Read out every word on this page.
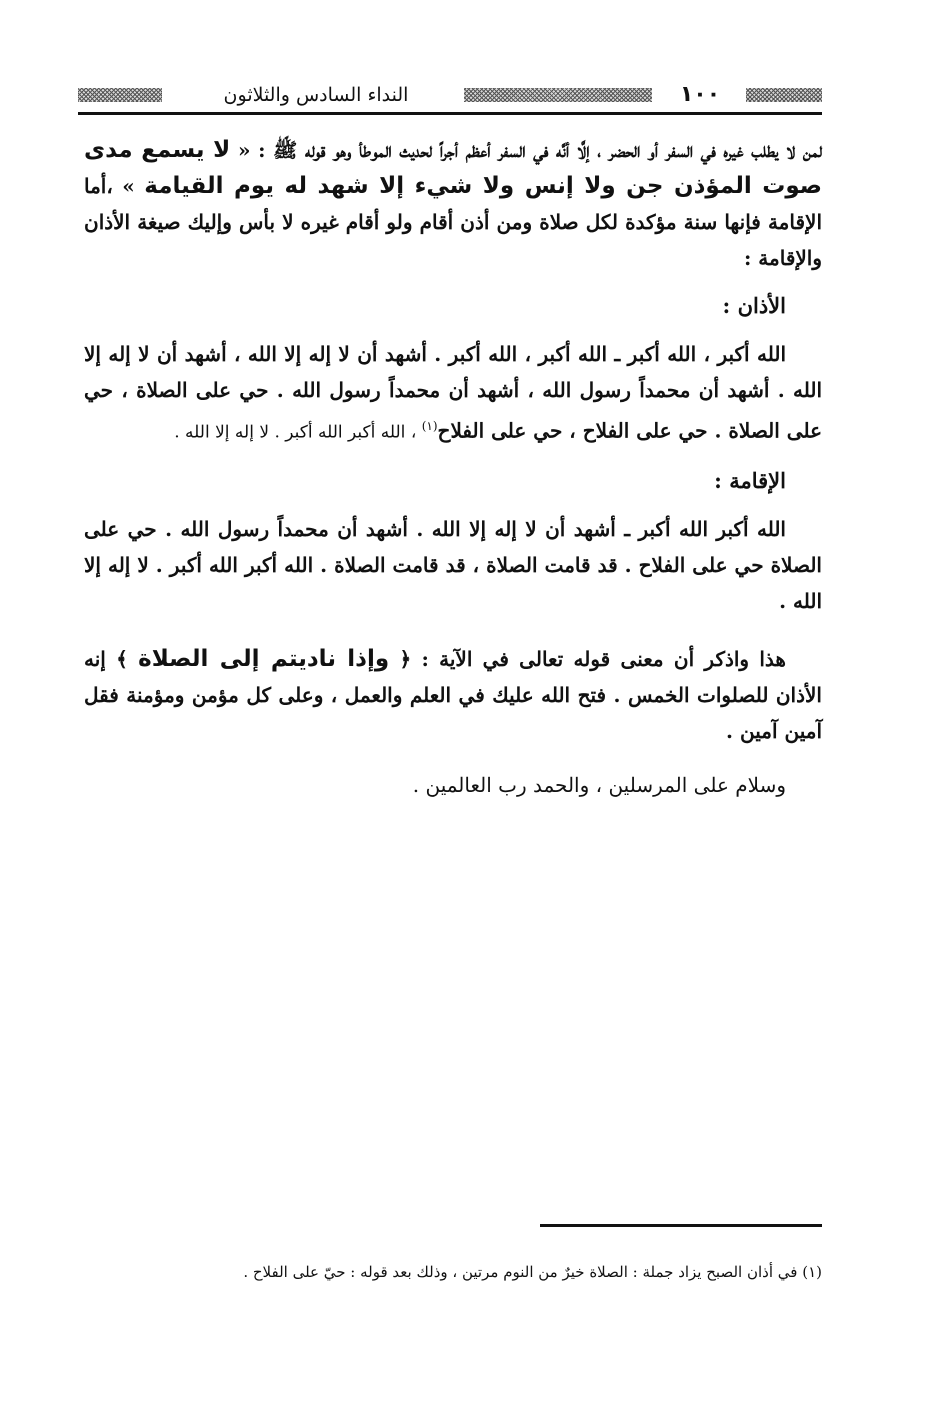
١٠٠
النداء السادس والثلاثون

لمن لا يطلب غيره في السفر أو الحضر ، إلَّا أنَّه في السفر أعظم أجراً لحديث الموطأ وهو قوله ﷺ : « لا يسمع مدى صوت المؤذن جن ولا إنس ولا شيء إلا شهد له يوم القيامة » ،أما الإقامة فإنها سنة مؤكدة لكل صلاة ومن أذن أقام ولو أقام غيره لا بأس وإليك صيغة الأذان والإقامة :

الأذان :

الله أكبر ، الله أكبر ـ الله أكبر ، الله أكبر . أشهد أن لا إله إلا الله ، أشهد أن لا إله إلا الله . أشهد أن محمداً رسول الله ، أشهد أن محمداً رسول الله . حي على الصلاة ، حي على الصلاة . حي على الفلاح ، حي على الفلاح$^{(١)}$ ، الله أكبر الله أكبر . لا إله إلا الله .

الإقامة :

الله أكبر الله أكبر ـ أشهد أن لا إله إلا الله . أشهد أن محمداً رسول الله . حي على الصلاة حي على الفلاح . قد قامت الصلاة ، قد قامت الصلاة . الله أكبر الله أكبر . لا إله إلا الله .

هذا واذكر أن معنى قوله تعالى في الآية : ﴿ وإذا ناديتم إلى الصلاة ﴾ إنه الأذان للصلوات الخمس . فتح الله عليك في العلم والعمل ، وعلى كل مؤمن ومؤمنة فقل آمين آمين .

وسلام على المرسلين ، والحمد رب العالمين .

(١) في أذان الصبح يزاد جملة : الصلاة خيرٌ من النوم مرتين ، وذلك بعد قوله : حيّ على الفلاح .
